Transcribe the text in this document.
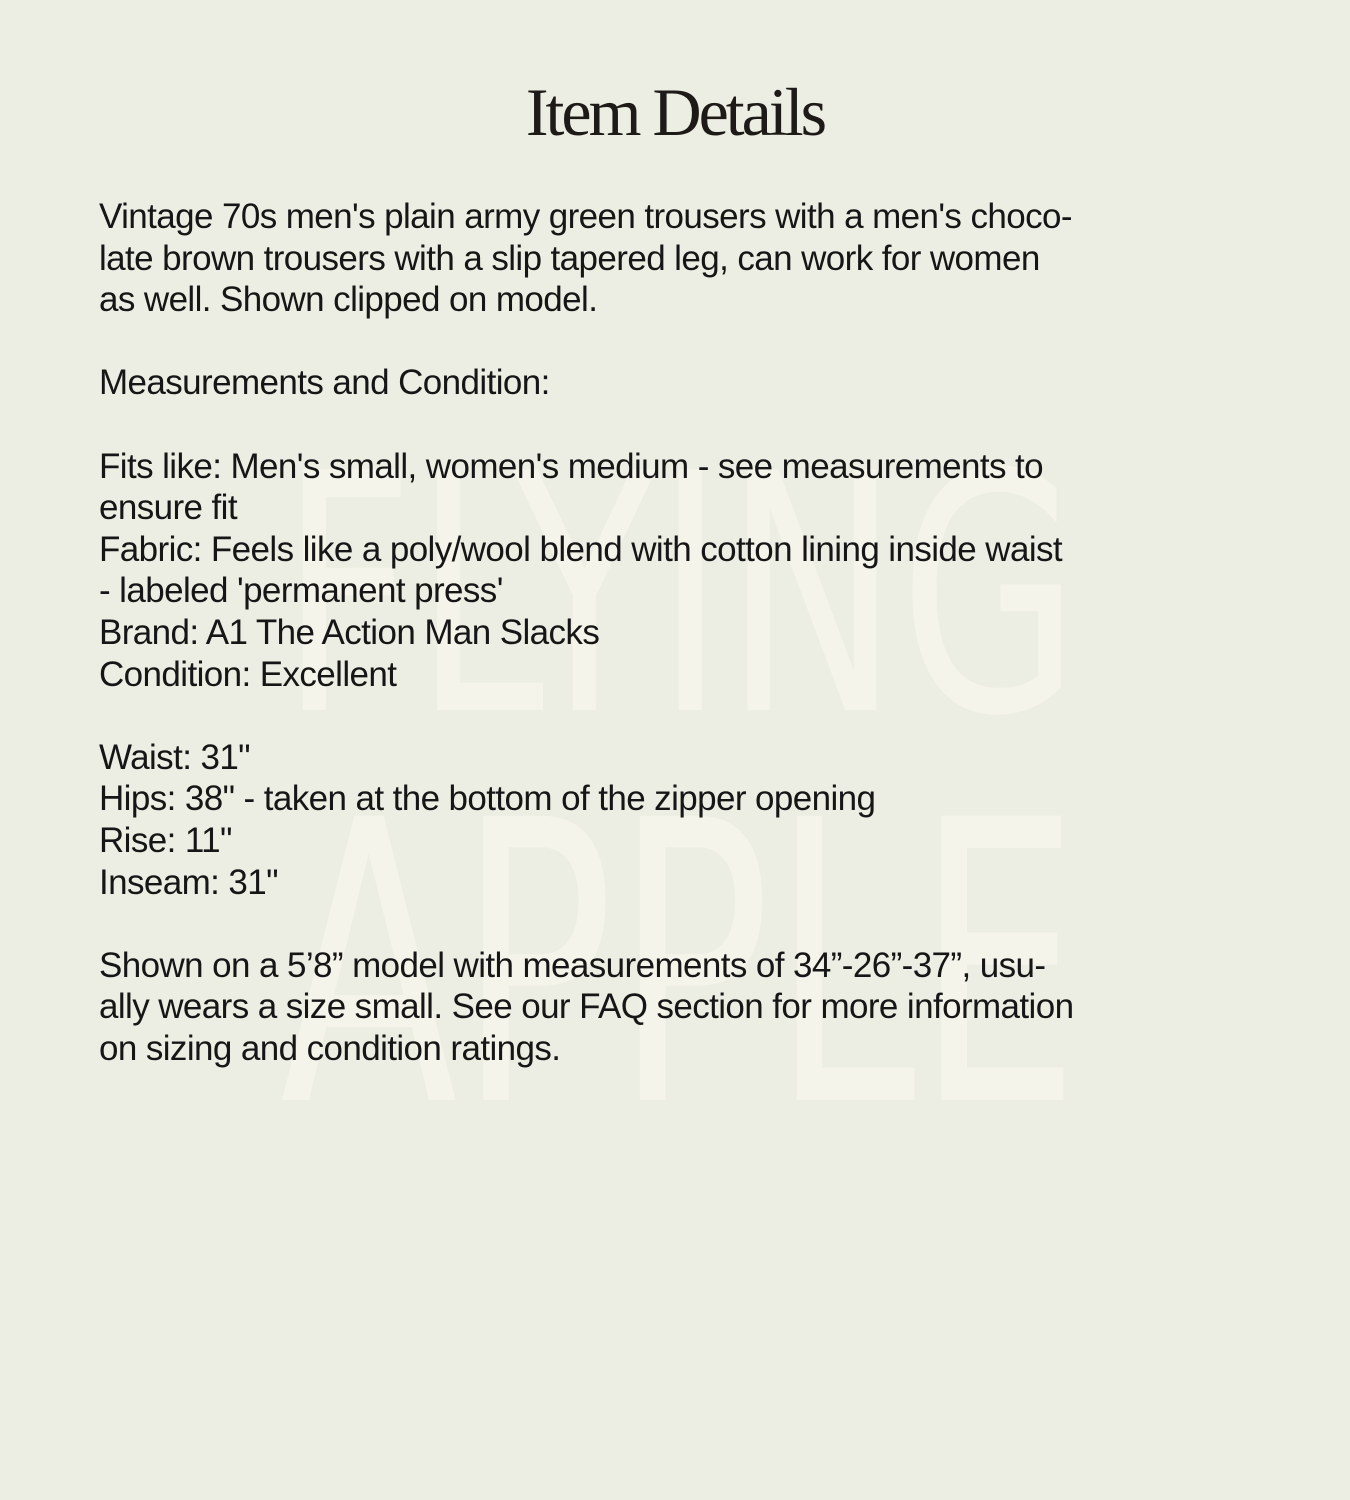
FLYING
APPLE
Item Details

Vintage 70s men's plain army green trousers with a men's choco-
late brown trousers with a slip tapered leg, can work for women
as well. Shown clipped on model.

Measurements and Condition:

Fits like: Men's small, women's medium - see measurements to
ensure fit
Fabric: Feels like a poly/wool blend with cotton lining inside waist
- labeled 'permanent press'
Brand: A1 The Action Man Slacks
Condition: Excellent

Waist: 31"
Hips: 38" - taken at the bottom of the zipper opening
Rise: 11"
Inseam: 31"

Shown on a 5’8” model with measurements of 34”-26”-37”, usu-
ally wears a size small. See our FAQ section for more information
on sizing and condition ratings.
